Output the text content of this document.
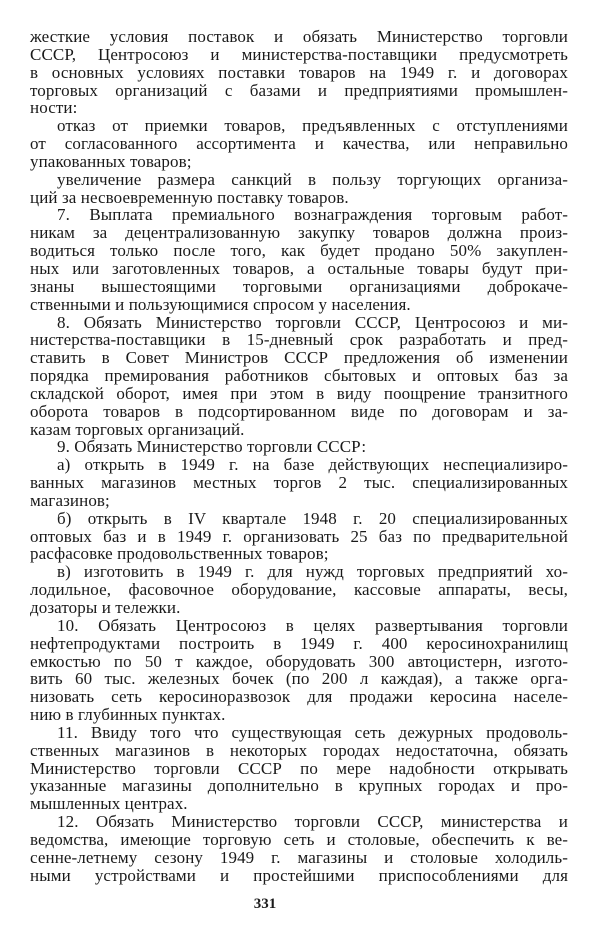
жесткие условия поставок и обязать Министерство торговли
СССР, Центросоюз и министерства-поставщики предусмотреть
в основных условиях поставки товаров на 1949 г. и договорах
торговых организаций с базами и предприятиями промышлен-
ности:
отказ от приемки товаров, предъявленных с отступлениями
от согласованного ассортимента и качества, или неправильно
упакованных товаров;
увеличение размера санкций в пользу торгующих организа-
ций за несвоевременную поставку товаров.
7. Выплата премиального вознаграждения торговым работ-
никам за децентрализованную закупку товаров должна произ-
водиться только после того, как будет продано 50% закуплен-
ных или заготовленных товаров, а остальные товары будут при-
знаны вышестоящими торговыми организациями доброкаче-
ственными и пользующимися спросом у населения.
8. Обязать Министерство торговли СССР, Центросоюз и ми-
нистерства-поставщики в 15-дневный срок разработать и пред-
ставить в Совет Министров СССР предложения об изменении
порядка премирования работников сбытовых и оптовых баз за
складской оборот, имея при этом в виду поощрение транзитного
оборота товаров в подсортированном виде по договорам и за-
казам торговых организаций.
9. Обязать Министерство торговли СССР:
а) открыть в 1949 г. на базе действующих неспециализиро-
ванных магазинов местных торгов 2 тыс. специализированных
магазинов;
б) открыть в IV квартале 1948 г. 20 специализированных
оптовых баз и в 1949 г. организовать 25 баз по предварительной
расфасовке продовольственных товаров;
в) изготовить в 1949 г. для нужд торговых предприятий хо-
лодильное, фасовочное оборудование, кассовые аппараты, весы,
дозаторы и тележки.
10. Обязать Центросоюз в целях развертывания торговли
нефтепродуктами построить в 1949 г. 400 керосинохранилищ
емкостью по 50 т каждое, оборудовать 300 автоцистерн, изгото-
вить 60 тыс. железных бочек (по 200 л каждая), а также орга-
низовать сеть керосиноразвозок для продажи керосина населе-
нию в глубинных пунктах.
11. Ввиду того что существующая сеть дежурных продоволь-
ственных магазинов в некоторых городах недостаточна, обязать
Министерство торговли СССР по мере надобности открывать
указанные магазины дополнительно в крупных городах и про-
мышленных центрах.
12. Обязать Министерство торговли СССР, министерства и
ведомства, имеющие торговую сеть и столовые, обеспечить к ве-
сенне-летнему сезону 1949 г. магазины и столовые холодиль-
ными устройствами и простейшими приспособлениями для
331
